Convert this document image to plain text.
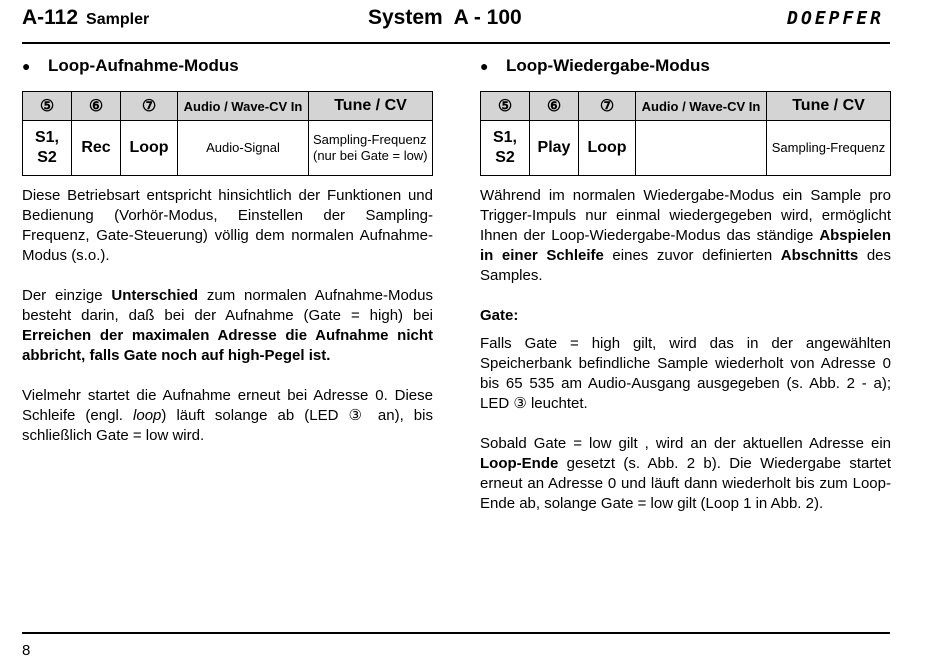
A-112 Sampler	System  A - 100	DOEPFER
● Loop-Aufnahme-Modus
⑤	⑥	⑦	Audio / Wave-CV In	Tune / CV
S1, S2	Rec	Loop	Audio-Signal	Sampling-Frequenz (nur bei Gate = low)

Diese Betriebsart entspricht hinsichtlich der Funktionen und Bedienung (Vorhör-Modus, Einstellen der Sampling-Frequenz, Gate-Steuerung) völlig dem normalen Aufnahme-Modus (s.o.).

Der einzige Unterschied zum normalen Aufnahme-Modus besteht darin, daß bei der Aufnahme (Gate = high) bei Erreichen der maximalen Adresse die Aufnahme nicht abbricht, falls Gate noch auf high-Pegel ist.

Vielmehr startet die Aufnahme erneut bei Adresse 0. Diese Schleife (engl. loop) läuft solange ab (LED ③ an), bis schließlich Gate = low wird.

● Loop-Wiedergabe-Modus
⑤	⑥	⑦	Audio / Wave-CV In	Tune / CV
S1, S2	Play	Loop		Sampling-Frequenz

Während im normalen Wiedergabe-Modus ein Sample pro Trigger-Impuls nur einmal wiedergegeben wird, ermöglicht Ihnen der Loop-Wiedergabe-Modus das ständige Abspielen in einer Schleife eines zuvor definierten Abschnitts des Samples.

Gate:

Falls Gate = high gilt, wird das in der angewählten Speicherbank befindliche Sample wiederholt von Adresse 0 bis 65 535 am Audio-Ausgang ausgegeben (s. Abb. 2 - a); LED ③ leuchtet.

Sobald Gate = low gilt , wird an der aktuellen Adresse ein Loop-Ende gesetzt (s. Abb. 2 b). Die Wiedergabe startet erneut an Adresse 0 und läuft dann wiederholt bis zum Loop-Ende ab, solange Gate = low gilt (Loop 1 in Abb. 2).

8
